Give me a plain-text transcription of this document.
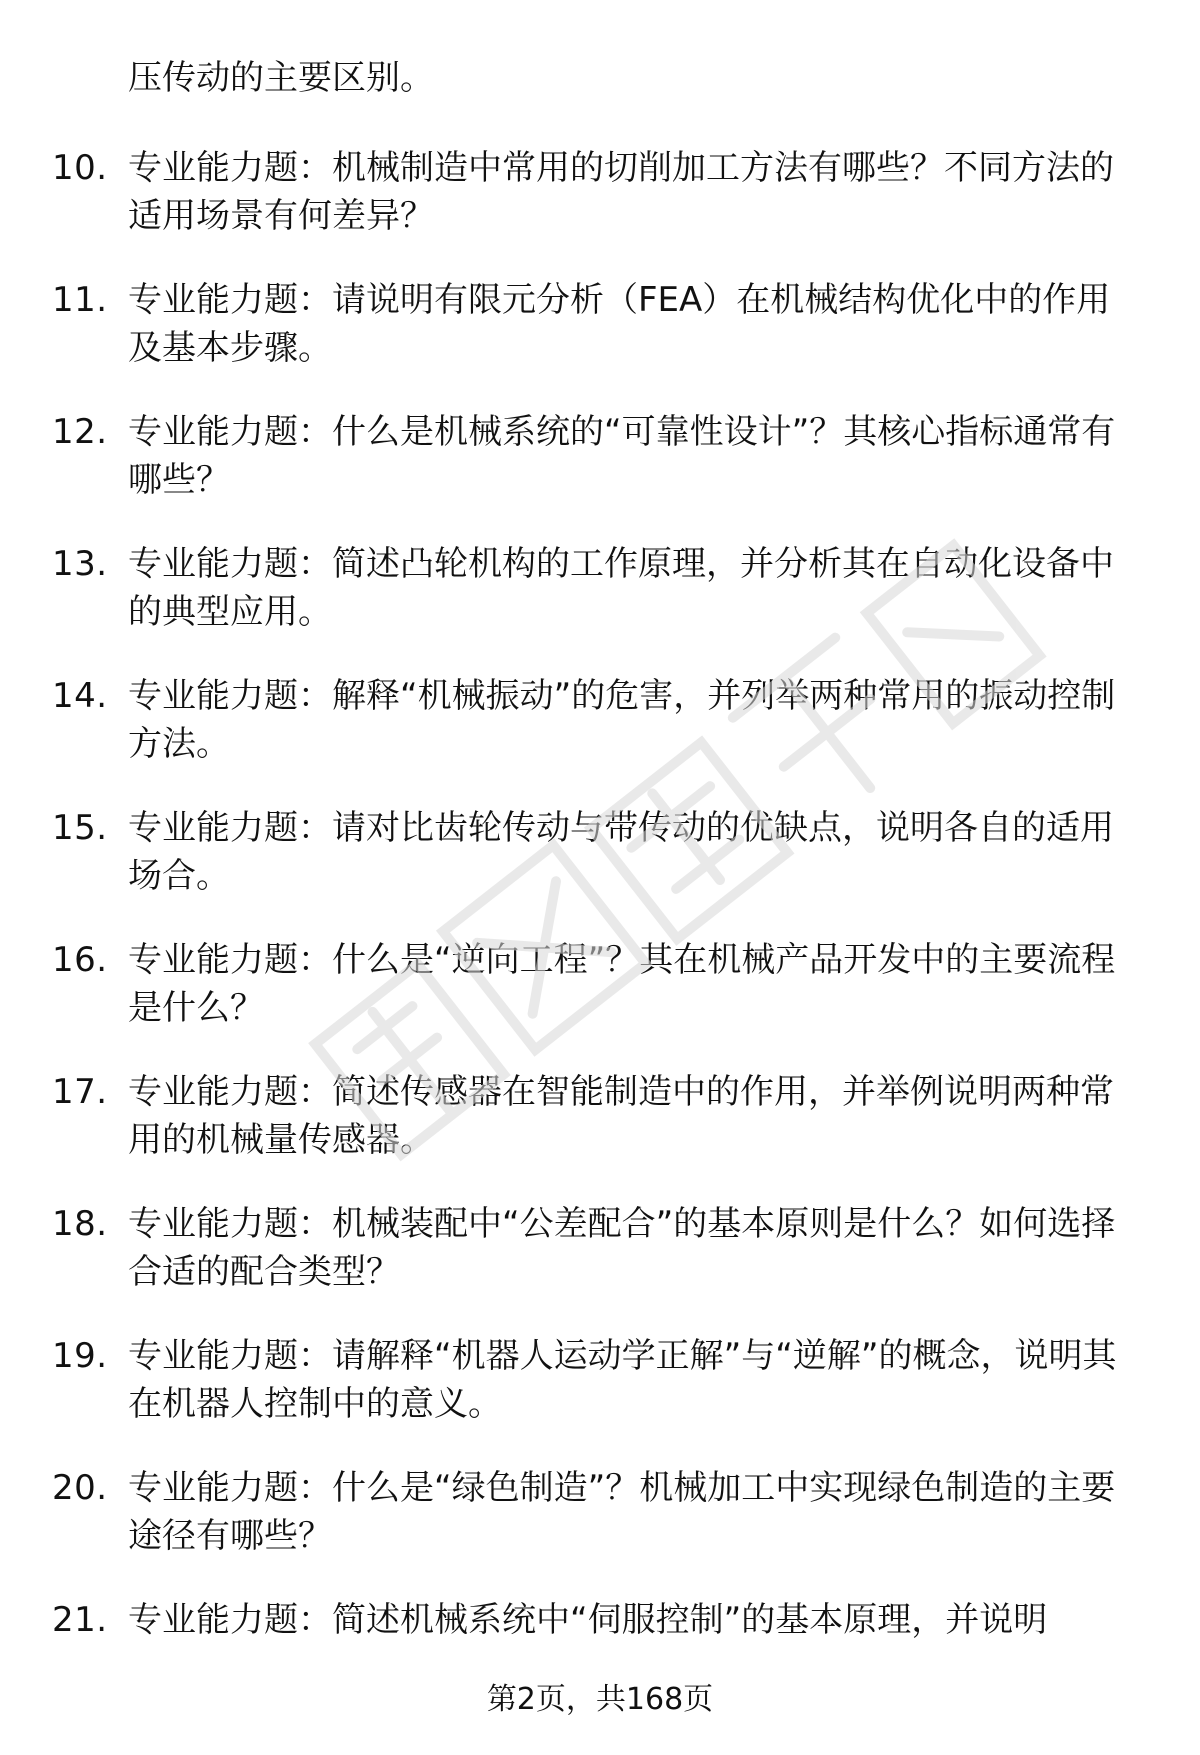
压传动的主要区别。

10. 专业能力题：机械制造中常用的切削加工方法有哪些？不同方法的适用场景有何差异？
11. 专业能力题：请说明有限元分析（FEA）在机械结构优化中的作用及基本步骤。
12. 专业能力题：什么是机械系统的“可靠性设计”？其核心指标通常有哪些？
13. 专业能力题：简述凸轮机构的工作原理，并分析其在自动化设备中的典型应用。
14. 专业能力题：解释“机械振动”的危害，并列举两种常用的振动控制方法。
15. 专业能力题：请对比齿轮传动与带传动的优缺点，说明各自的适用场合。
16. 专业能力题：什么是“逆向工程”？其在机械产品开发中的主要流程是什么？
17. 专业能力题：简述传感器在智能制造中的作用，并举例说明两种常用的机械量传感器。
18. 专业能力题：机械装配中“公差配合”的基本原则是什么？如何选择合适的配合类型？
19. 专业能力题：请解释“机器人运动学正解”与“逆解”的概念，说明其在机器人控制中的意义。
20. 专业能力题：什么是“绿色制造”？机械加工中实现绿色制造的主要途径有哪些？
21. 专业能力题：简述机械系统中“伺服控制”的基本原理，并说明
第2页，共168页
